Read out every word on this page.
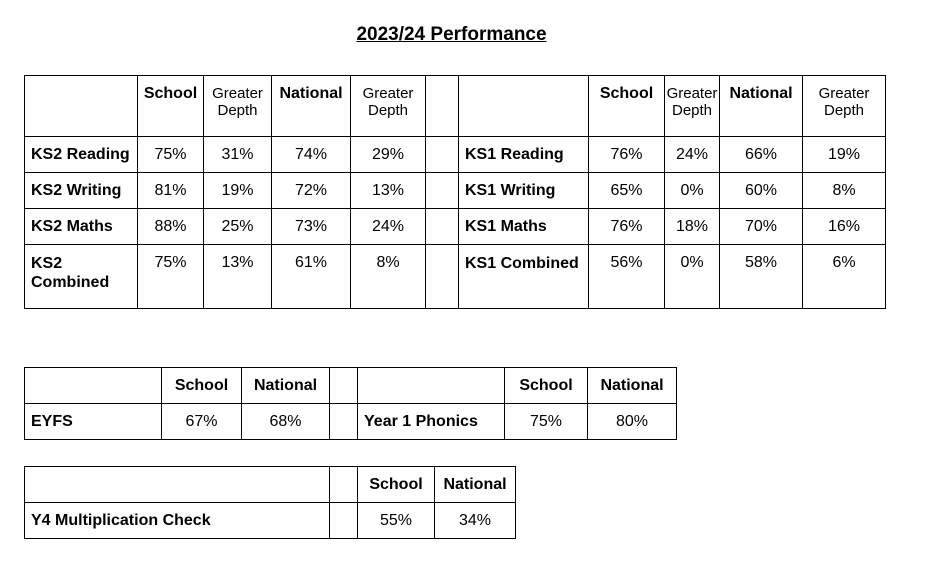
2023/24 Performance
	School	Greater Depth	National	Greater Depth			School	Greater Depth	National	Greater Depth
KS2 Reading	75%	31%	74%	29%		KS1 Reading	76%	24%	66%	19%
KS2 Writing	81%	19%	72%	13%		KS1 Writing	65%	0%	60%	8%
KS2 Maths	88%	25%	73%	24%		KS1 Maths	76%	18%	70%	16%
KS2 Combined	75%	13%	61%	8%		KS1 Combined	56%	0%	58%	6%
	School	National			School	National
EYFS	67%	68%		Year 1 Phonics	75%	80%
		School	National
Y4 Multiplication Check		55%	34%
